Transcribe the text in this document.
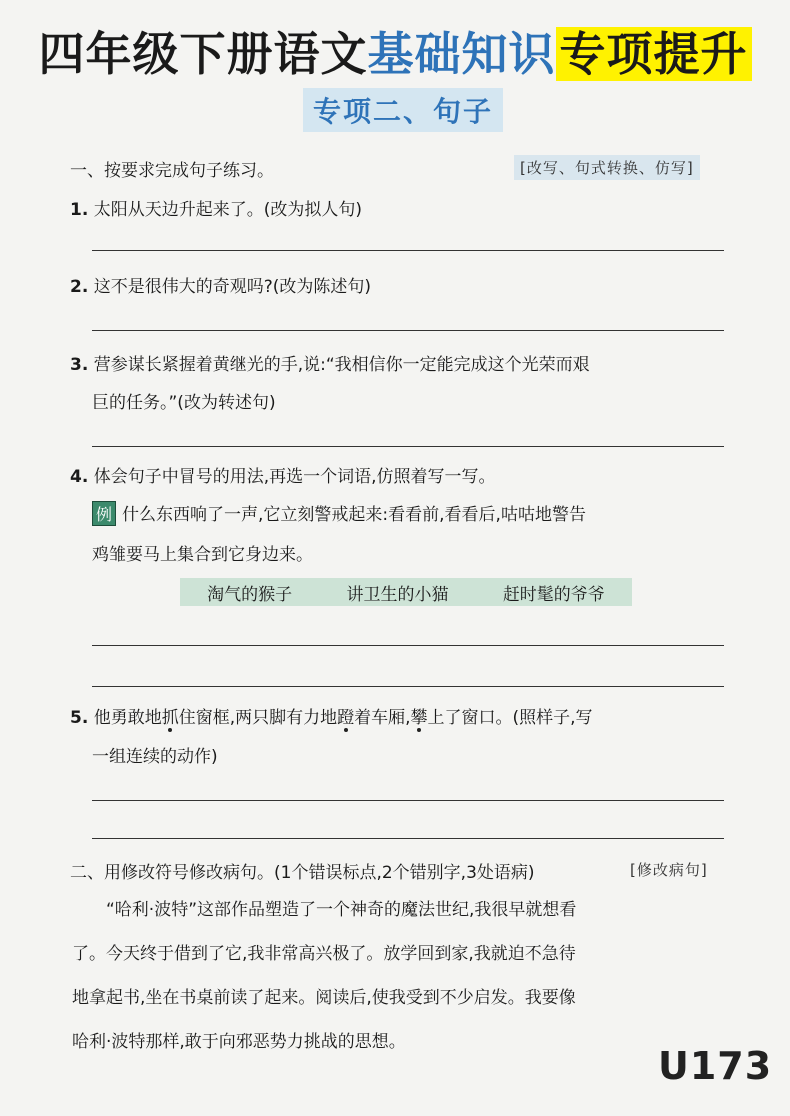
四年级下册语文基础知识专项提升
专项二、句子
一、按要求完成句子练习。	[改写、句式转换、仿写]
1. 太阳从天边升起来了。(改为拟人句)
2. 这不是很伟大的奇观吗?(改为陈述句)
3. 营参谋长紧握着黄继光的手,说:“我相信你一定能完成这个光荣而艰
巨的任务。”(改为转述句)
4. 体会句子中冒号的用法,再选一个词语,仿照着写一写。
例 什么东西响了一声,它立刻警戒起来:看看前,看看后,咕咕地警告
鸡雏要马上集合到它身边来。
淘气的猴子	讲卫生的小猫	赶时髦的爷爷
5. 他勇敢地抓住窗框,两只脚有力地蹬着车厢,攀上了窗口。(照样子,写
一组连续的动作)
二、用修改符号修改病句。(1个错误标点,2个错别字,3处语病)	[修改病句]
“哈利·波特”这部作品塑造了一个神奇的魔法世纪,我很早就想看
了。今天终于借到了它,我非常高兴极了。放学回到家,我就迫不急待
地拿起书,坐在书桌前读了起来。阅读后,使我受到不少启发。我要像
哈利·波特那样,敢于向邪恶势力挑战的思想。
U173
